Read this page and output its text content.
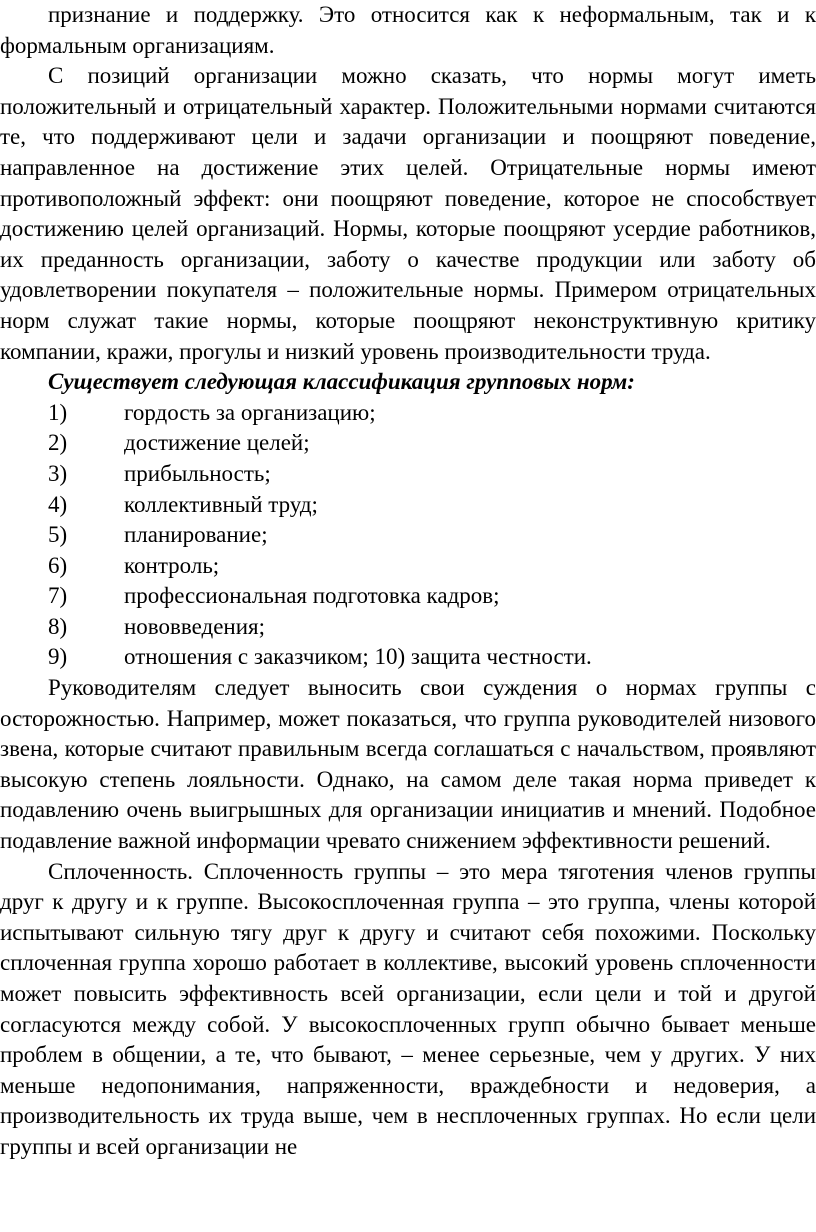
признание и поддержку. Это относится как к неформальным, так и к формальным организациям.

С позиций организации можно сказать, что нормы могут иметь положительный и отрицательный характер. Положительными нормами считаются те, что поддерживают цели и задачи организации и поощряют поведение, направленное на достижение этих целей. Отрицательные нормы имеют противоположный эффект: они поощряют поведение, которое не способствует достижению целей организаций. Нормы, которые поощряют усердие работников, их преданность организации, заботу о качестве продукции или заботу об удовлетворении покупателя – положительные нормы. Примером отрицательных норм служат такие нормы, которые поощряют неконструктивную критику компании, кражи, прогулы и низкий уровень производительности труда.

Существует следующая классификация групповых норм:

1) гордость за организацию;
2) достижение целей;
3) прибыльность;
4) коллективный труд;
5) планирование;
6) контроль;
7) профессиональная подготовка кадров;
8) нововведения;
9) отношения с заказчиком; 10) защита честности.

Руководителям следует выносить свои суждения о нормах группы с осторожностью. Например, может показаться, что группа руководителей низового звена, которые считают правильным всегда соглашаться с начальством, проявляют высокую степень лояльности. Однако, на самом деле такая норма приведет к подавлению очень выигрышных для организации инициатив и мнений. Подобное подавление важной информации чревато снижением эффективности решений.

Сплоченность. Сплоченность группы – это мера тяготения членов группы друг к другу и к группе. Высокосплоченная группа – это группа, члены которой испытывают сильную тягу друг к другу и считают себя похожими. Поскольку сплоченная группа хорошо работает в коллективе, высокий уровень сплоченности может повысить эффективность всей организации, если цели и той и другой согласуются между собой. У высокосплоченных групп обычно бывает меньше проблем в общении, а те, что бывают, – менее серьезные, чем у других. У них меньше недопонимания, напряженности, враждебности и недоверия, а производительность их труда выше, чем в несплоченных группах. Но если цели группы и всей организации не
